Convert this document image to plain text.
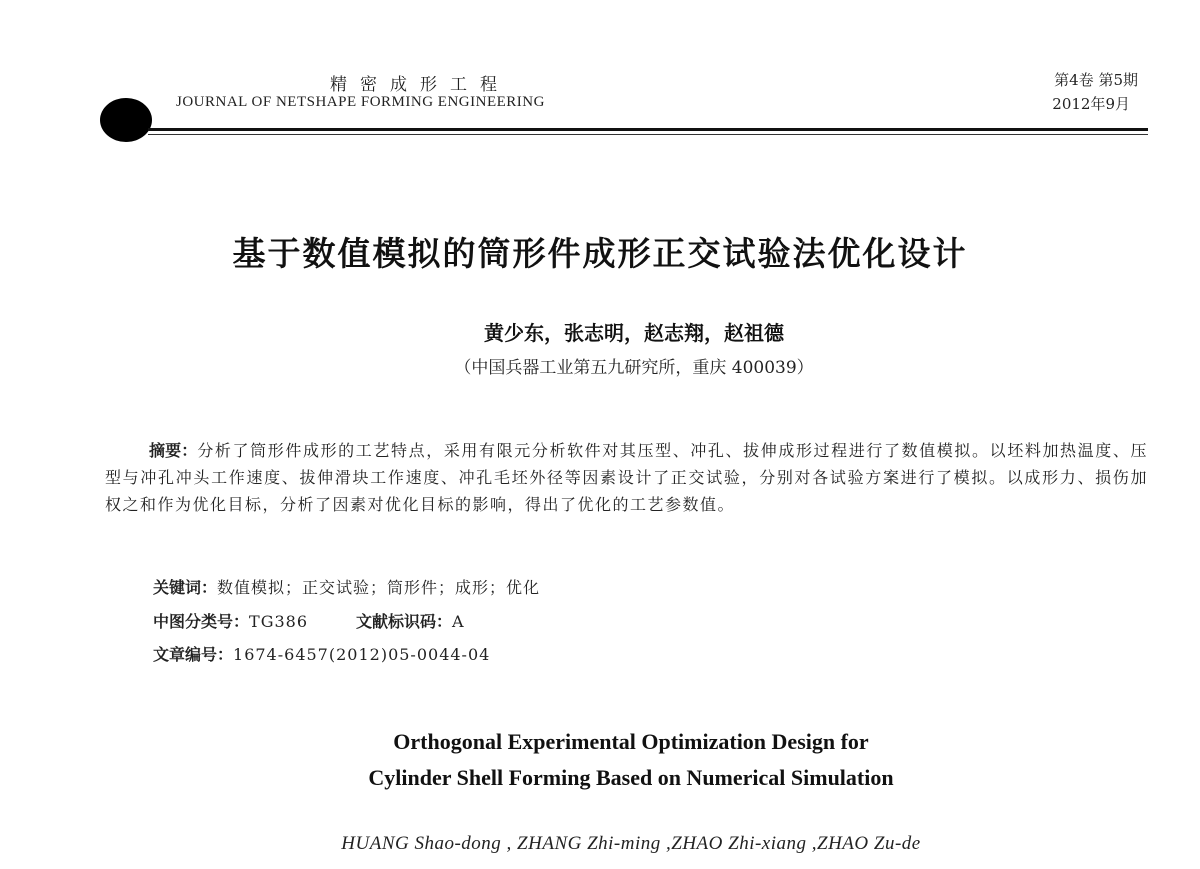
精密成形工程
JOURNAL OF NETSHAPE FORMING ENGINEERING
第4卷 第5期
2012年9月
基于数值模拟的筒形件成形正交试验法优化设计
黄少东，张志明，赵志翔，赵祖德
（中国兵器工业第五九研究所，重庆 400039）
摘要：分析了筒形件成形的工艺特点，采用有限元分析软件对其压型、冲孔、拔伸成形过程进行了数值模拟。以坯料加热温度、压型与冲孔冲头工作速度、拔伸滑块工作速度、冲孔毛坯外径等因素设计了正交试验，分别对各试验方案进行了模拟。以成形力、损伤加权之和作为优化目标，分析了因素对优化目标的影响，得出了优化的工艺参数值。
关键词：数值模拟；正交试验；筒形件；成形；优化
中图分类号：TG386	文献标识码：A
文章编号：1674-6457(2012)05-0044-04
Orthogonal Experimental Optimization Design for
Cylinder Shell Forming Based on Numerical Simulation
HUANG Shao-dong , ZHANG Zhi-ming ,ZHAO Zhi-xiang ,ZHAO Zu-de
